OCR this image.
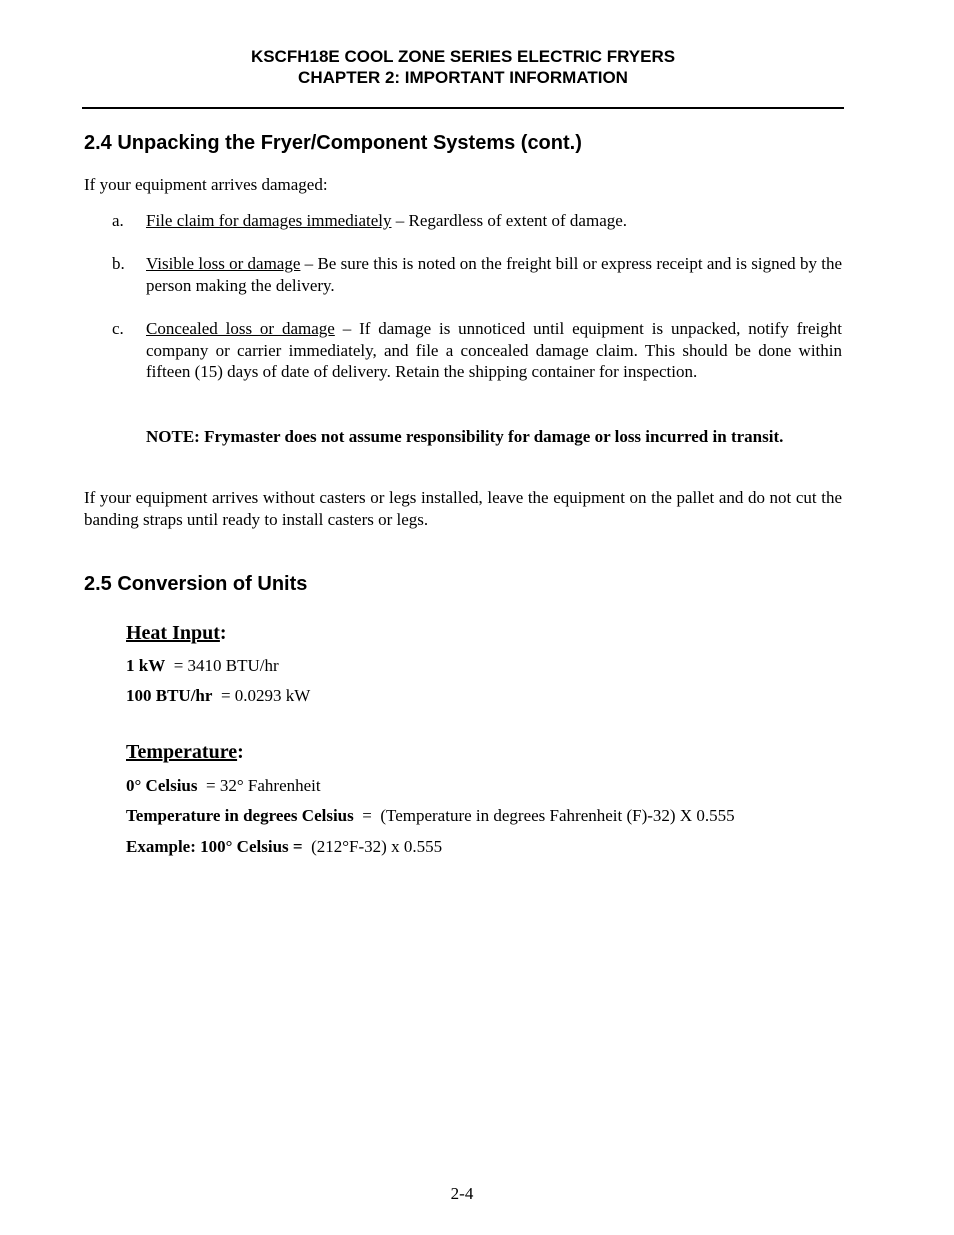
KSCFH18E COOL ZONE SERIES ELECTRIC FRYERS
CHAPTER 2: IMPORTANT INFORMATION
2.4 Unpacking the Fryer/Component Systems (cont.)
If your equipment arrives damaged:
a. File claim for damages immediately – Regardless of extent of damage.
b. Visible loss or damage – Be sure this is noted on the freight bill or express receipt and is signed by the person making the delivery.
c. Concealed loss or damage – If damage is unnoticed until equipment is unpacked, notify freight company or carrier immediately, and file a concealed damage claim. This should be done within fifteen (15) days of date of delivery. Retain the shipping container for inspection.
NOTE: Frymaster does not assume responsibility for damage or loss incurred in transit.
If your equipment arrives without casters or legs installed, leave the equipment on the pallet and do not cut the banding straps until ready to install casters or legs.
2.5 Conversion of Units
Heat Input:
1 kW  = 3410 BTU/hr
100 BTU/hr  = 0.0293 kW
Temperature:
0° Celsius  = 32° Fahrenheit
Temperature in degrees Celsius  =  (Temperature in degrees Fahrenheit (F)-32) X 0.555
Example: 100° Celsius =  (212°F-32) x 0.555
2-4
